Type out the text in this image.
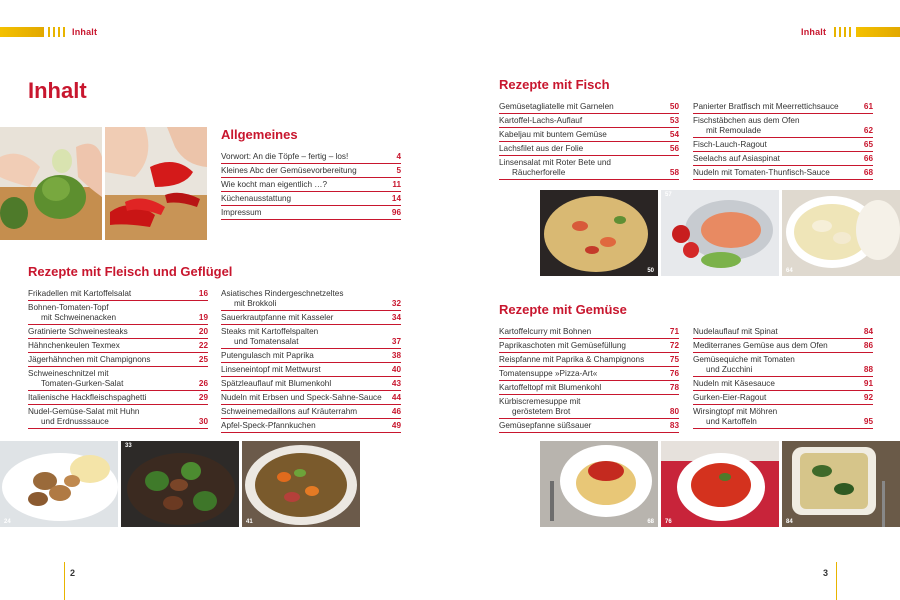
Inhalt	Inhalt
Inhalt
Allgemeines
Vorwort: An die Töpfe – fertig – los!	4
Kleines Abc der Gemüsevorbereitung	5
Wie kocht man eigentlich …?	11
Küchenausstattung	14
Impressum	96
Rezepte mit Fleisch und Geflügel
Frikadellen mit Kartoffelsalat	16
Bohnen-Tomaten-Topf
mit Schweinenacken	19
Gratinierte Schweinesteaks	20
Hähnchenkeulen Texmex	22
Jägerhähnchen mit Champignons	25
Schweineschnitzel mit
Tomaten-Gurken-Salat	26
Italienische Hackfleischspaghetti	29
Nudel-Gemüse-Salat mit Huhn
und Erdnusssauce	30
Asiatisches Rindergeschnetzeltes
mit Brokkoli	32
Sauerkrautpfanne mit Kasseler	34
Steaks mit Kartoffelspalten
und Tomatensalat	37
Putengulasch mit Paprika	38
Linseneintopf mit Mettwurst	40
Spätzleauflauf mit Blumenkohl	43
Nudeln mit Erbsen und Speck-Sahne-Sauce	44
Schweinemedaillons auf Kräuterrahm	46
Apfel-Speck-Pfannkuchen	49
24
33
41
Rezepte mit Fisch
Gemüsetagliatelle mit Garnelen	50
Kartoffel-Lachs-Auflauf	53
Kabeljau mit buntem Gemüse	54
Lachsfilet aus der Folie	56
Linsensalat mit Roter Bete und
Räucherforelle	58
Panierter Bratfisch mit Meerrettichsauce	61
Fischstäbchen aus dem Ofen
mit Remoulade	62
Fisch-Lauch-Ragout	65
Seelachs auf Asiaspinat	66
Nudeln mit Tomaten-Thunfisch-Sauce	68
50
57
64
Rezepte mit Gemüse
Kartoffelcurry mit Bohnen	71
Paprikaschoten mit Gemüsefüllung	72
Reispfanne mit Paprika & Champignons	75
Tomatensuppe »Pizza-Art«	76
Kartoffeltopf mit Blumenkohl	78
Kürbiscremesuppe mit
geröstetem Brot	80
Gemüsepfanne süßsauer	83
Nudelauflauf mit Spinat	84
Mediterranes Gemüse aus dem Ofen	86
Gemüsequiche mit Tomaten
und Zucchini	88
Nudeln mit Käsesauce	91
Gurken-Eier-Ragout	92
Wirsingtopf mit Möhren
und Kartoffeln	95
68 76	84
2	3
